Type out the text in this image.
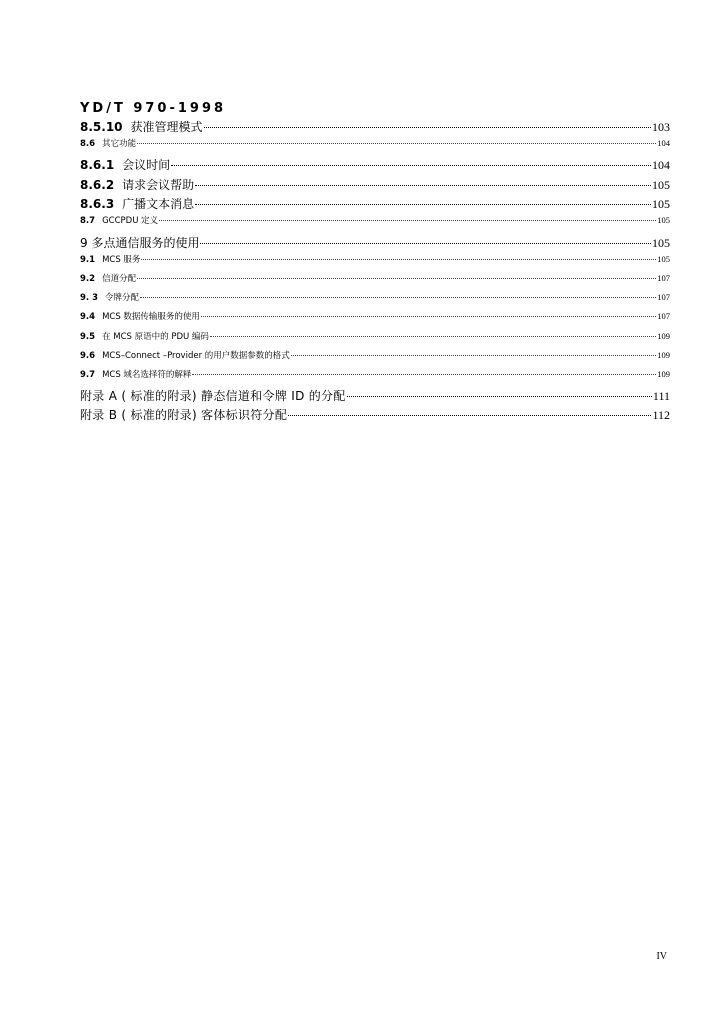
YD/T 970-1998
8.5.10 获准管理模式	103
8.6 其它功能	104
8.6.1 会议时间	104
8.6.2 请求会议帮助	105
8.6.3 广播文本消息	105
8.7 GCCPDU 定义	105
9 多点通信服务的使用	105
9.1 MCS 服务	105
9.2 信道分配	107
9. 3 令牌分配	107
9.4 MCS 数据传输服务的使用	107
9.5 在 MCS 原语中的 PDU 编码	109
9.6 MCS–Connect –Provider 的用户数据参数的格式	109
9.7 MCS 域名选择符的解释	109
附录 A ( 标准的附录) 静态信道和令牌 ID 的分配	111
附录 B ( 标准的附录) 客体标识符分配	112
IV
